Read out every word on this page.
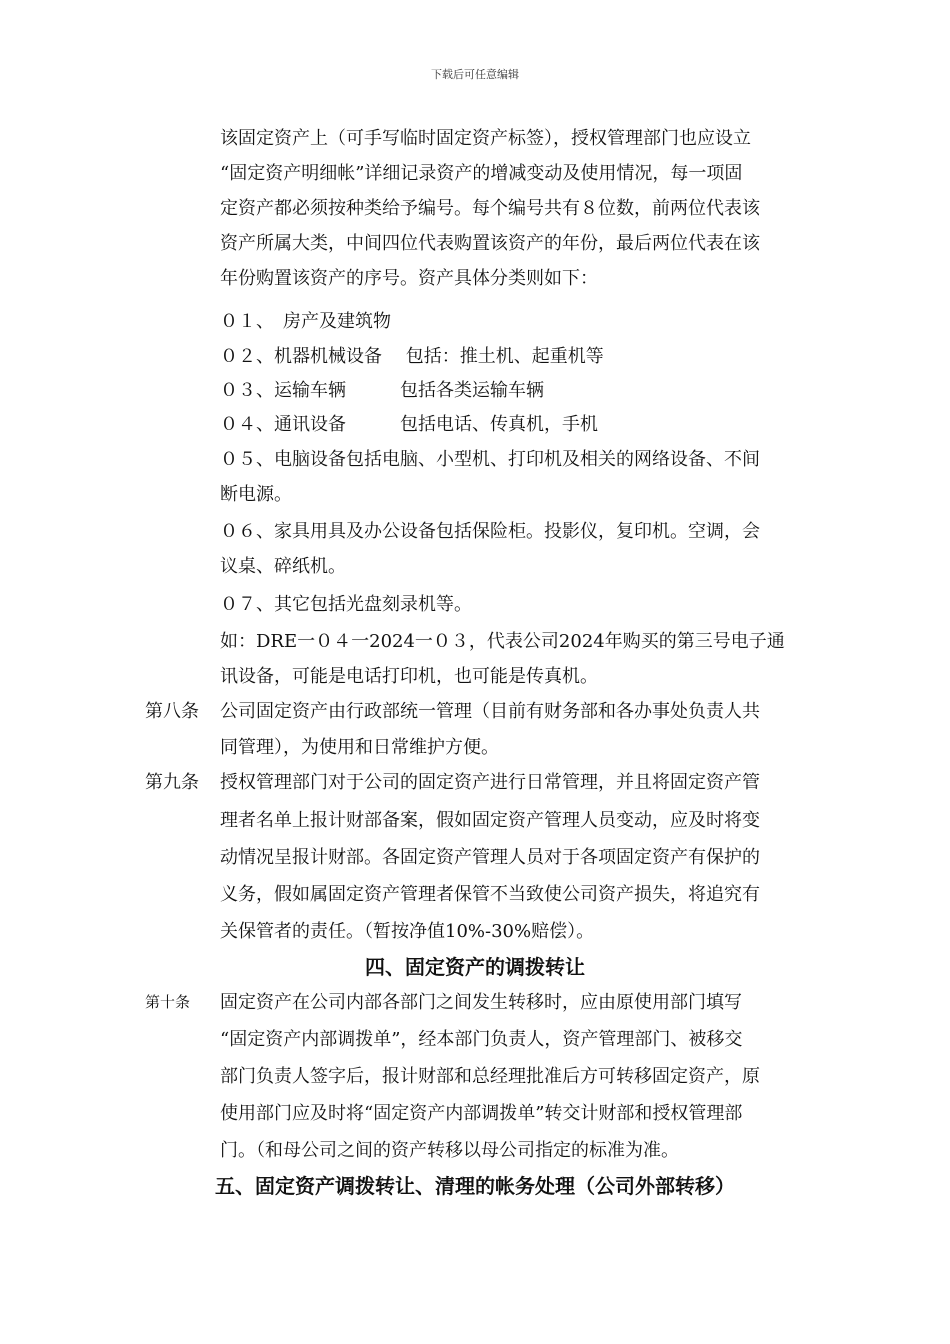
下载后可任意编辑
该固定资产上（可手写临时固定资产标签），授权管理部门也应设立
“固定资产明细帐”详细记录资产的增减变动及使用情况，每一项固
定资产都必须按种类给予编号。每个编号共有８位数，前两位代表该
资产所属大类，中间四位代表购置该资产的年份，最后两位代表在该
年份购置该资产的序号。资产具体分类则如下：
０１、　房产及建筑物
０２、机器机械设备　 包括：推土机、起重机等
０３、运输车辆　　　包括各类运输车辆
０４、通讯设备　　　包括电话、传真机，手机
０５、电脑设备包括电脑、小型机、打印机及相关的网络设备、不间
断电源。
０６、家具用具及办公设备包括保险柜。投影仪，复印机。空调，会
议桌、碎纸机。
０７、其它包括光盘刻录机等。
如：DRE一０４一2024一０３，代表公司2024年购买的第三号电子通
讯设备，可能是电话打印机，也可能是传真机。
第八条 公司固定资产由行政部统一管理（目前有财务部和各办事处负责人共
同管理），为使用和日常维护方便。
第九条 授权管理部门对于公司的固定资产进行日常管理，并且将固定资产管
理者名单上报计财部备案，假如固定资产管理人员变动，应及时将变
动情况呈报计财部。各固定资产管理人员对于各项固定资产有保护的
义务，假如属固定资产管理者保管不当致使公司资产损失，将追究有
关保管者的责任。（暂按净值10%-30%赔偿）。
四、固定资产的调拨转让
第十条 固定资产在公司内部各部门之间发生转移时，应由原使用部门填写
“固定资产内部调拨单”，经本部门负责人，资产管理部门、被移交
部门负责人签字后，报计财部和总经理批准后方可转移固定资产，原
使用部门应及时将“固定资产内部调拨单”转交计财部和授权管理部
门。（和母公司之间的资产转移以母公司指定的标准为准。
五、固定资产调拨转让、清理的帐务处理（公司外部转移）
